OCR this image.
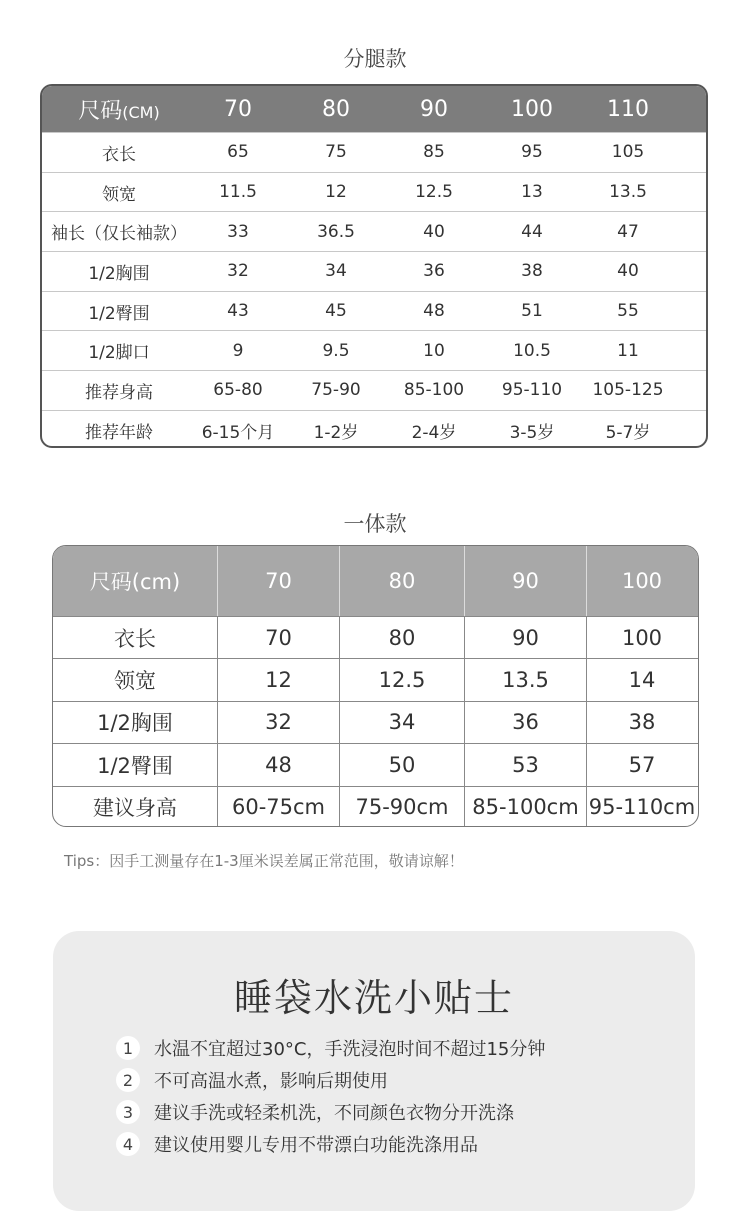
分腿款
尺码(CM)	70	80	90	100	110
衣长	65	75	85	95	105
领宽	11.5	12	12.5	13	13.5
袖长（仅长袖款）	33	36.5	40	44	47
1/2胸围	32	34	36	38	40
1/2臀围	43	45	48	51	55
1/2脚口	9	9.5	10	10.5	11
推荐身高	65-80	75-90	85-100	95-110	105-125
推荐年龄	6-15个月	1-2岁	2-4岁	3-5岁	5-7岁
一体款
尺码(cm)	70	80	90	100
衣长	70	80	90	100
领宽	12	12.5	13.5	14
1/2胸围	32	34	36	38
1/2臀围	48	50	53	57
建议身高	60-75cm	75-90cm	85-100cm 95-110cm
Tips：因手工测量存在1-3厘米误差属正常范围，敬请谅解！
睡袋水洗小贴士
1	水温不宜超过30°C，手洗浸泡时间不超过15分钟
2	不可高温水煮，影响后期使用
3	建议手洗或轻柔机洗，不同颜色衣物分开洗涤
4	建议使用婴儿专用不带漂白功能洗涤用品
